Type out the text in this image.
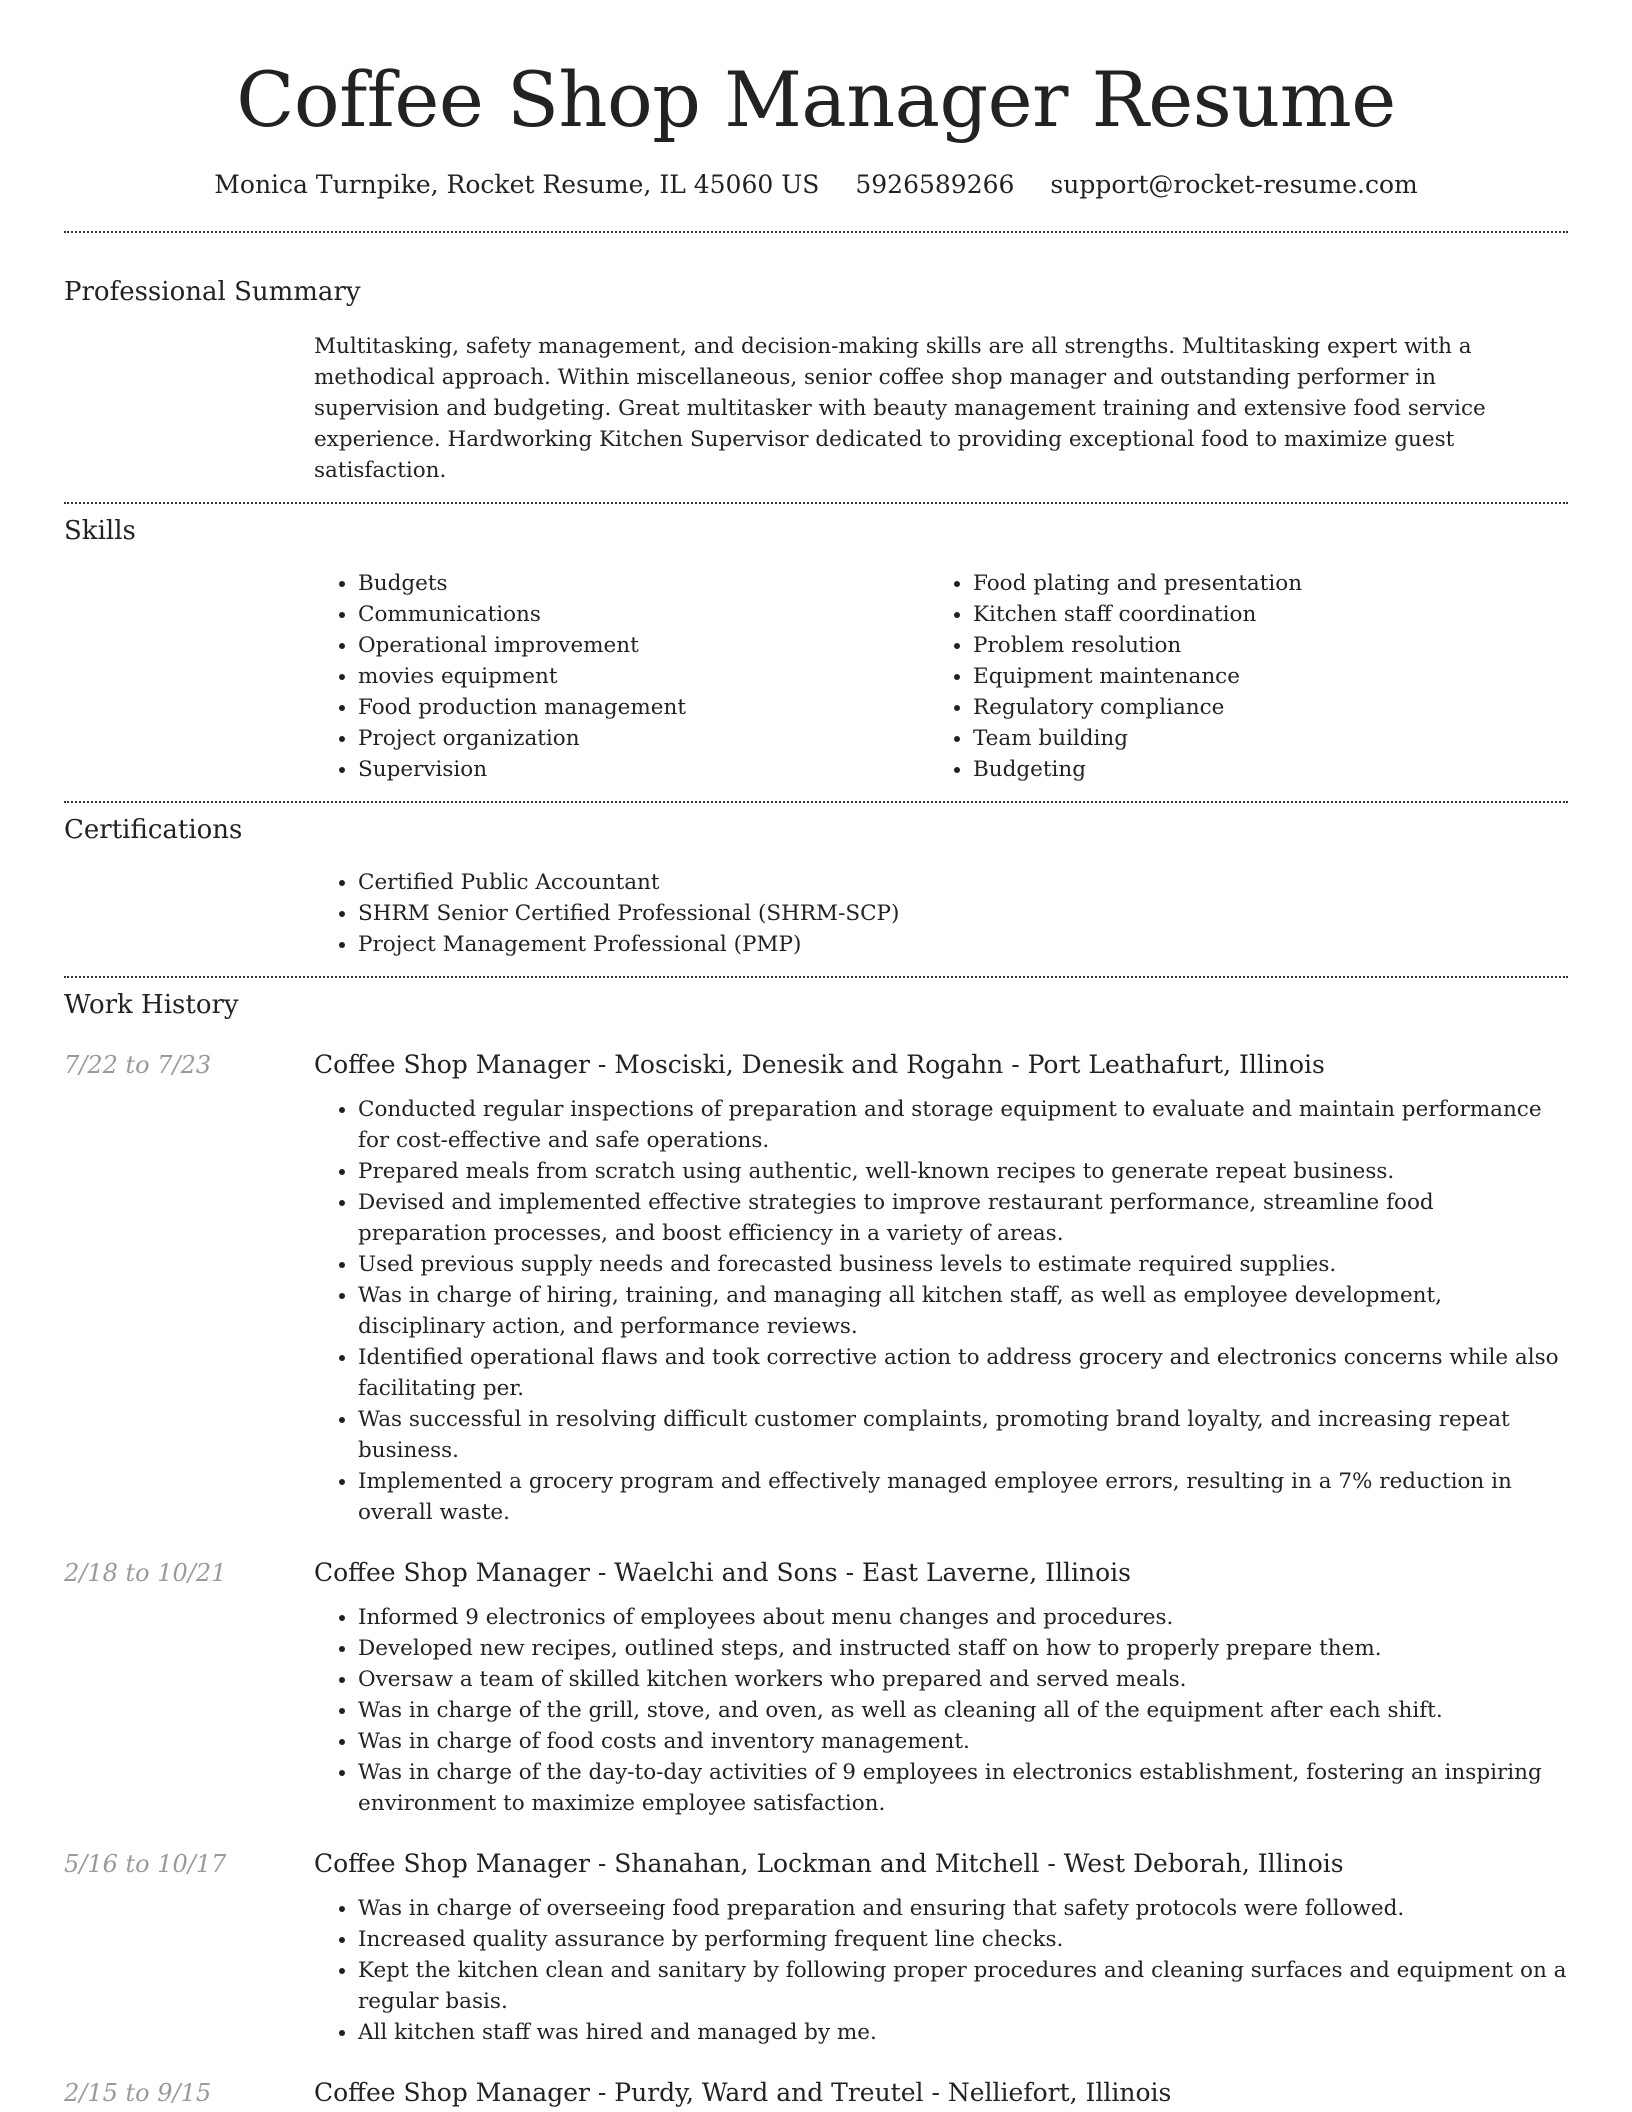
Coffee Shop Manager Resume
Monica Turnpike, Rocket Resume, IL 45060 US 5926589266 support@rocket-resume.com
Professional Summary

Multitasking, safety management, and decision-making skills are all strengths. Multitasking expert with a methodical approach. Within miscellaneous, senior coffee shop manager and outstanding performer in supervision and budgeting. Great multitasker with beauty management training and extensive food service experience. Hardworking Kitchen Supervisor dedicated to providing exceptional food to maximize guest satisfaction.

Skills
• Budgets
• Communications
• Operational improvement
• movies equipment
• Food production management
• Project organization
• Supervision
• Food plating and presentation
• Kitchen staff coordination
• Problem resolution
• Equipment maintenance
• Regulatory compliance
• Team building
• Budgeting
Certifications
• Certified Public Accountant
• SHRM Senior Certified Professional (SHRM-SCP)
• Project Management Professional (PMP)
Work History
7/22 to 7/23	Coffee Shop Manager - Mosciski, Denesik and Rogahn - Port Leathafurt, Illinois
• Conducted regular inspections of preparation and storage equipment to evaluate and maintain performance for cost-effective and safe operations.
• Prepared meals from scratch using authentic, well-known recipes to generate repeat business.
• Devised and implemented effective strategies to improve restaurant performance, streamline food preparation processes, and boost efficiency in a variety of areas.
• Used previous supply needs and forecasted business levels to estimate required supplies.
• Was in charge of hiring, training, and managing all kitchen staff, as well as employee development, disciplinary action, and performance reviews.
• Identified operational flaws and took corrective action to address grocery and electronics concerns while also facilitating per.
• Was successful in resolving difficult customer complaints, promoting brand loyalty, and increasing repeat business.
• Implemented a grocery program and effectively managed employee errors, resulting in a 7% reduction in overall waste.
2/18 to 10/21	Coffee Shop Manager - Waelchi and Sons - East Laverne, Illinois
• Informed 9 electronics of employees about menu changes and procedures.
• Developed new recipes, outlined steps, and instructed staff on how to properly prepare them.
• Oversaw a team of skilled kitchen workers who prepared and served meals.
• Was in charge of the grill, stove, and oven, as well as cleaning all of the equipment after each shift.
• Was in charge of food costs and inventory management.
• Was in charge of the day-to-day activities of 9 employees in electronics establishment, fostering an inspiring environment to maximize employee satisfaction.
5/16 to 10/17	Coffee Shop Manager - Shanahan, Lockman and Mitchell - West Deborah, Illinois
• Was in charge of overseeing food preparation and ensuring that safety protocols were followed.
• Increased quality assurance by performing frequent line checks.
• Kept the kitchen clean and sanitary by following proper procedures and cleaning surfaces and equipment on a regular basis.
• All kitchen staff was hired and managed by me.
2/15 to 9/15	Coffee Shop Manager - Purdy, Ward and Treutel - Nelliefort, Illinois
